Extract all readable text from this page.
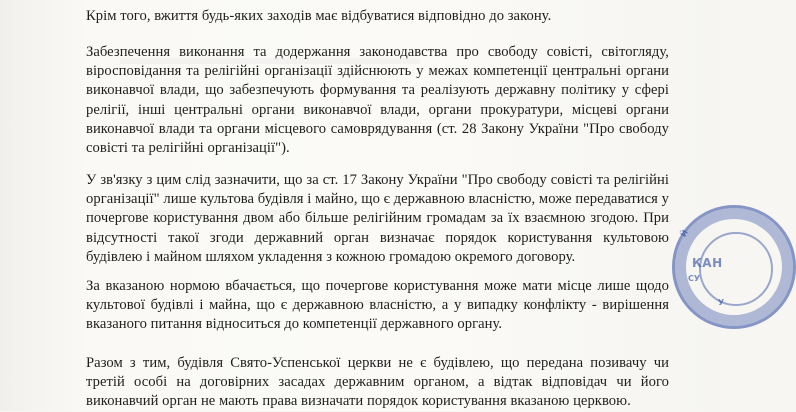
Крім того, вжиття будь-яких заходів має відбуватися відповідно до закону.

Забезпечення виконання та додержання законодавства про свободу совісті, світогляду, віросповідання та релігійні організації здійснюють у межах компетенції центральні органи виконавчої влади, що забезпечують формування та реалізують державну політику у сфері релігії, інші центральні органи виконавчої влади, органи прокуратури, місцеві органи виконавчої влади та органи місцевого самоврядування (ст. 28 Закону України "Про свободу совісті та релігійні організації").

У зв'язку з цим слід зазначити, що за ст. 17 Закону України "Про свободу совісті та релігійні організації" лише культова будівля і майно, що є державною власністю, може передаватися у почергове користування двом або більше релігійним громадам за їх взаємною згодою. При відсутності такої згоди державний орган визначає порядок користування культовою будівлею і майном шляхом укладення з кожною громадою окремого договору.

За вказаною нормою вбачається, що почергове користування може мати місце лише щодо культової будівлі і майна, що є державною власністю, а у випадку конфлікту - вирішення вказаного питання відноситься до компетенції державного органу.

Разом з тим, будівля Свято-Успенської церкви не є будівлею, що передана позивачу чи третій особі на договірних засадах державним органом, а відтак відповідач чи його виконавчий орган не мають права визначати порядок користування вказаною церквою.

КАН
СУ
Й
У
